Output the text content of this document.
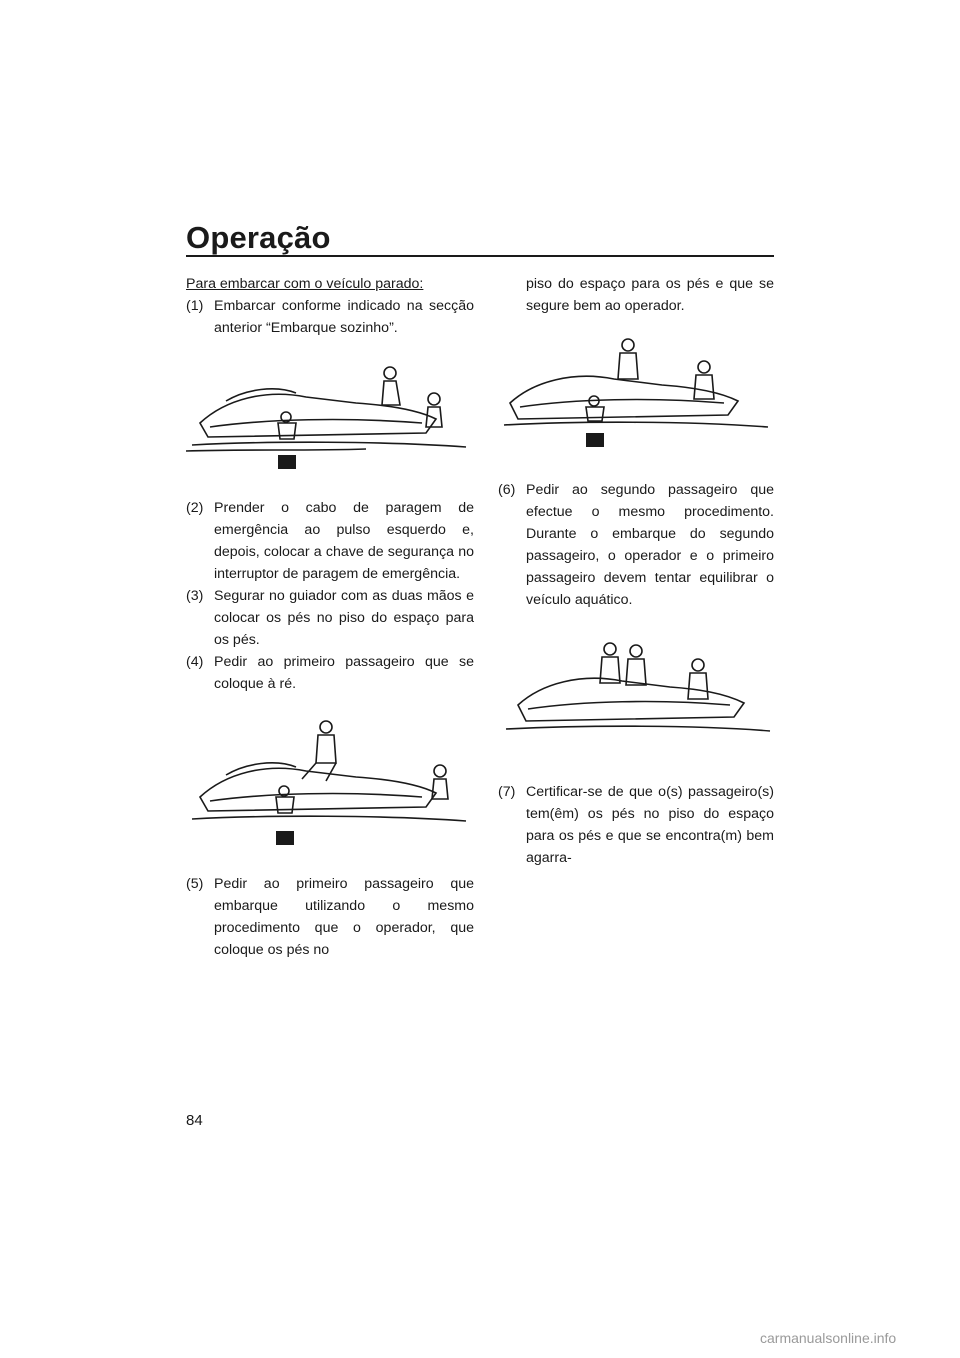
Operação

Para embarcar com o veículo parado:

(1) Embarcar conforme indicado na secção anterior “Embarque sozinho”.
(2) Prender o cabo de paragem de emergência ao pulso esquerdo e, depois, colocar a chave de segurança no interruptor de paragem de emergência.
(3) Segurar no guiador com as duas mãos e colocar os pés no piso do espaço para os pés.
(4) Pedir ao primeiro passageiro que se coloque à ré.
(5) Pedir ao primeiro passageiro que embarque utilizando o mesmo procedimento que o operador, que coloque os pés no

piso do espaço para os pés e que se segure bem ao operador.

(6) Pedir ao segundo passageiro que efectue o mesmo procedimento. Durante o embarque do segundo passageiro, o operador e o primeiro passageiro devem tentar equilibrar o veículo aquático.
(7) Certificar-se de que o(s) passageiro(s) tem(êm) os pés no piso do espaço para os pés e que se encontra(m) bem agarra-
84
carmanualsonline.info
